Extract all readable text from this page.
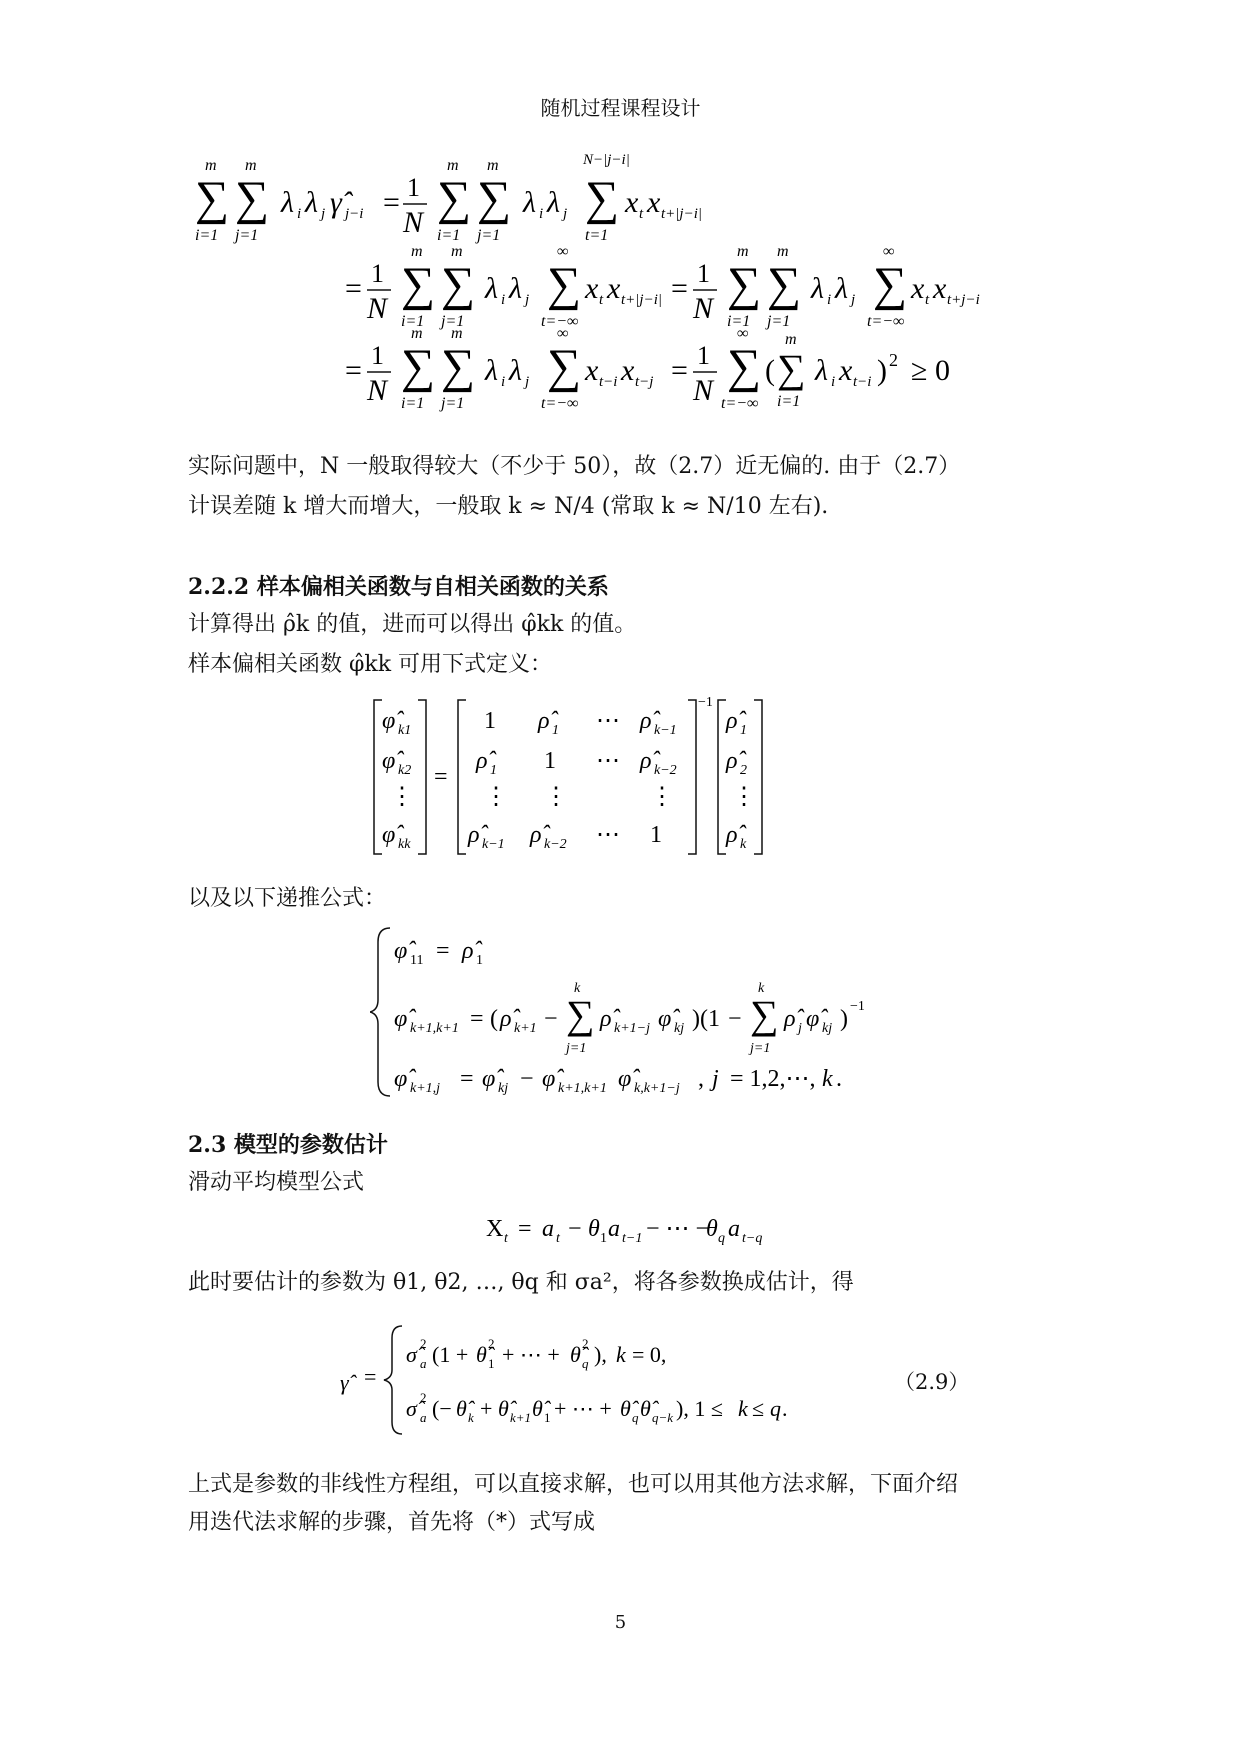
随机过程课程设计
∑
m
i=1
∑
m
j=1
λ i λ j γ̂ j−i = 1
N ∑
m
i=1
∑
m
j=1
λ i λ j ∑
N−|j−i|
t=1
x t x t+|j−i|
= 1
N ∑
m
i=1
∑
m
j=1
λ i λ j ∑
∞
t=−∞
x t x t+|j−i| = 1
N ∑
m
i=1
∑
m
j=1
λ i λ j ∑
∞
t=−∞
x t x t+j−i
= 1
N ∑
m
i=1
∑
m
j=1
λ i λ j ∑
∞
t=−∞
x t−i x t−j = 1
N ∑
∞
t=−∞
( ∑
m
i=1
λ i x t−i ) 2 ≥ 0
实际问题中，N 一般取得较大（不少于 50），故（2.7）近无偏的. 由于（2.7）
计误差随 k 增大而增大，一般取 k ≈ N/4 (常取 k ≈ N/10 左右).
2.2.2 样本偏相关函数与自相关函数的关系
计算得出 ρ̂k 的值，进而可以得出 φ̂kk 的值。
样本偏相关函数 φ̂kk 可用下式定义：
φ̂ k1
φ̂ k2
⋮
φ̂ kk
=
1 ρ̂ 1 ⋯ ρ̂ k−1
ρ̂ 1 1 ⋯ ρ̂ k−2
⋮ ⋮	⋮
ρ̂ k−1 ρ̂ k−2 ⋯ 1
−1
ρ̂ 1
ρ̂ 2
⋮
ρ̂ k
以及以下递推公式：
φ̂ 11 = ρ̂ 1
φ̂ k+1,k+1 = ( ρ̂ k+1 − ∑
k
j=1
ρ̂ k+1−j φ̂ kj )(1 − ∑
k
j=1
ρ̂ j φ̂ kj ) −1
φ̂ k+1,j = φ̂ kj − φ̂ k+1,k+1 φ̂ k,k+1−j , j = 1,2,⋯, k .
2.3 模型的参数估计
滑动平均模型公式
X t = a t − θ 1 a t−1 − ⋯ −
θ q a t−q
此时要估计的参数为 θ1, θ2, …, θq 和 σa²，将各参数换成估计，得
γ̂ =
σ̂ 2
a (1 + θ̂ 2
1 + ⋯ + θ̂ 2
q ), k = 0,
σ̂ 2
a (− θ̂ k + θ̂ k+1 θ̂ 1 + ⋯ + θ̂ q θ̂ q−k ), 1 ≤ k ≤ q .
（2.9）
上式是参数的非线性方程组，可以直接求解，也可以用其他方法求解，下面介绍
用迭代法求解的步骤，首先将（*）式写成
5
